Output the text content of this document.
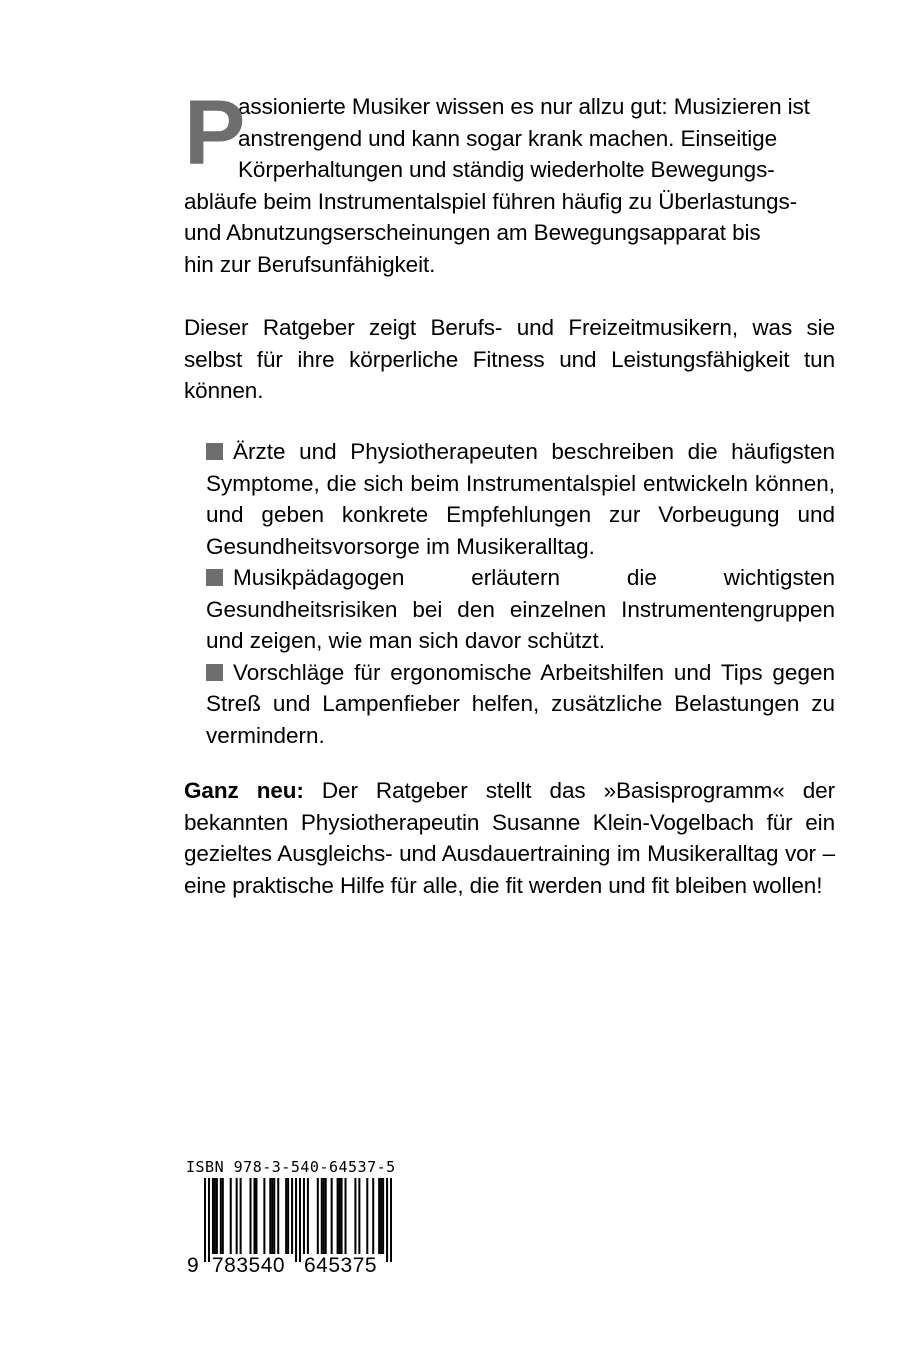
P
assionierte Musiker wissen es nur allzu gut: Musizieren ist
anstrengend und kann sogar krank machen. Einseitige
Körperhaltungen und ständig wiederholte Bewegungs-
abläufe beim Instrumentalspiel führen häufig zu Überlastungs-
und Abnutzungserscheinungen am Bewegungsapparat bis
hin zur Berufsunfähigkeit.
Dieser Ratgeber zeigt Berufs- und Freizeitmusikern, was sie selbst für ihre körperliche Fitness und Leistungsfähigkeit tun können.

Ärzte und Physiotherapeuten beschreiben die häufigsten Symptome, die sich beim Instrumentalspiel entwickeln können, und geben konkrete Empfehlungen zur Vorbeugung und Gesundheitsvorsorge im Musikeralltag.

Musikpädagogen erläutern die wichtigsten Gesundheitsrisiken bei den einzelnen Instrumentengruppen und zeigen, wie man sich davor schützt.

Vorschläge für ergonomische Arbeitshilfen und Tips gegen Streß und Lampenfieber helfen, zusätzliche Belastungen zu vermindern.

Ganz neu: Der Ratgeber stellt das »Basisprogramm« der bekannten Physiotherapeutin Susanne Klein-Vogelbach für ein gezieltes Ausgleichs- und Ausdauertraining im Musikeralltag vor – eine praktische Hilfe für alle, die fit werden und fit bleiben wollen!
ISBN 978-3-540-64537-5
9 783540 645375
